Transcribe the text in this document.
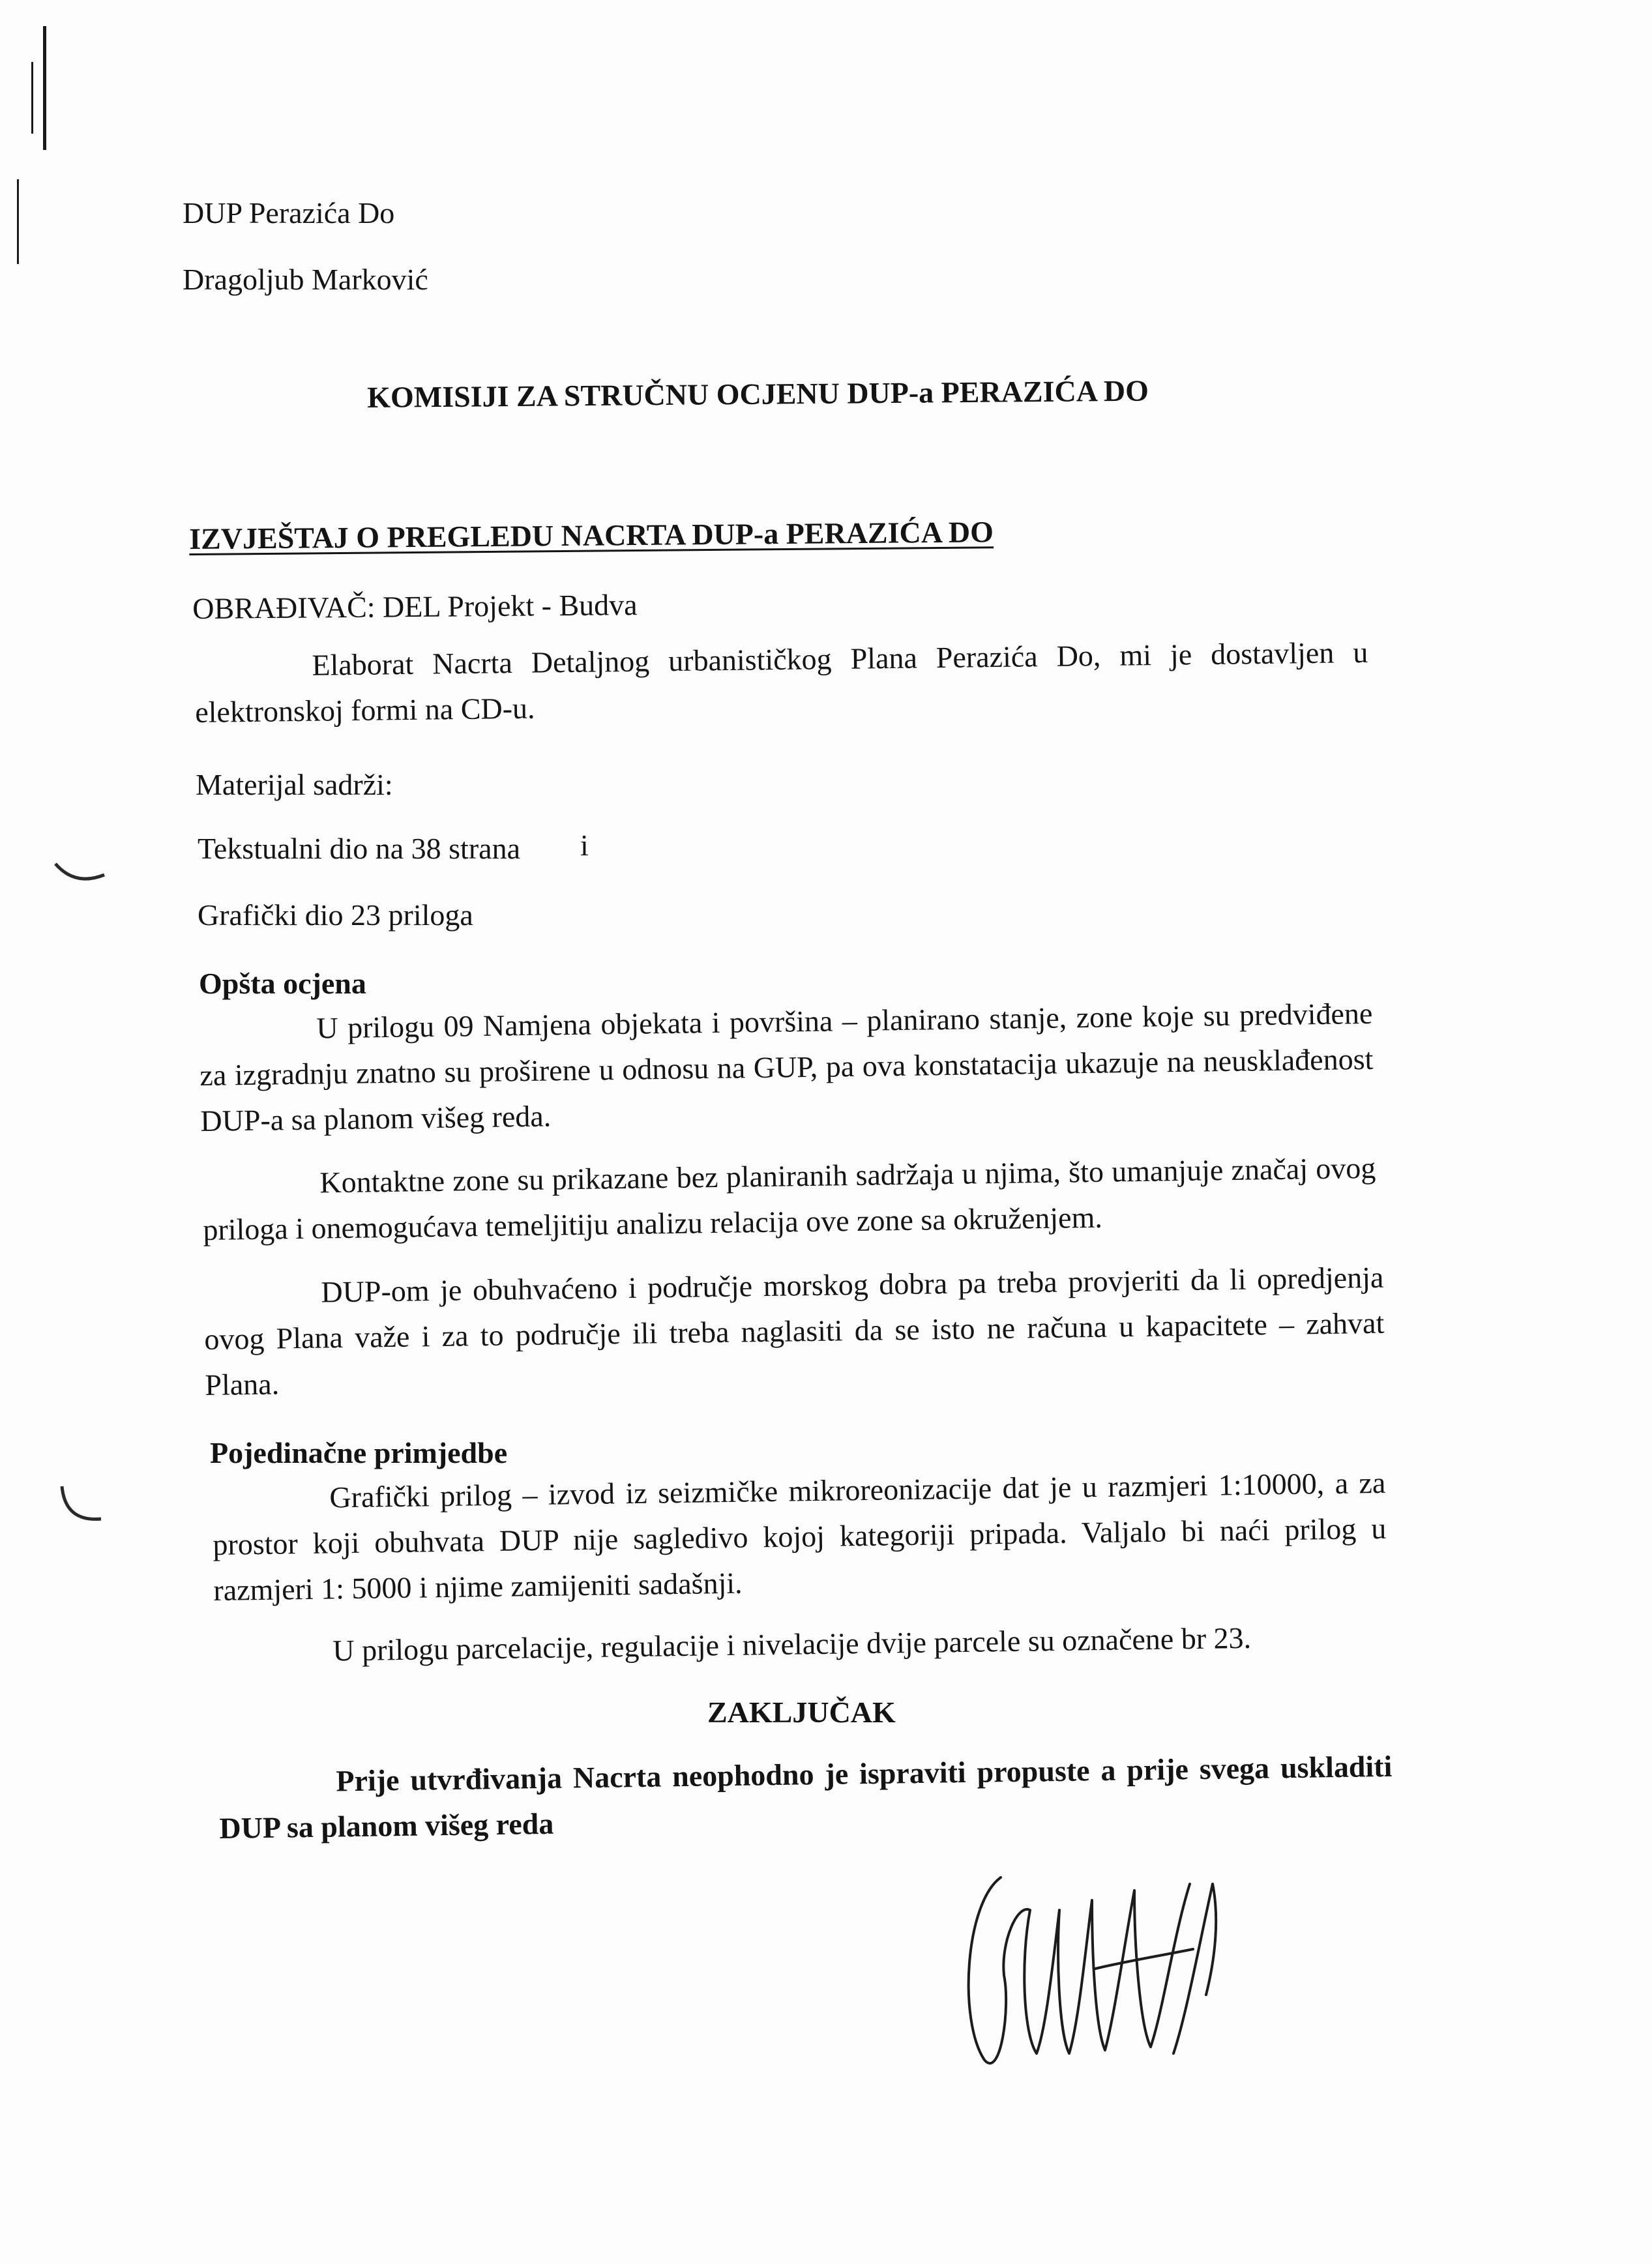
DUP Perazića Do
Dragoljub Marković
KOMISIJI ZA STRUČNU OCJENU DUP-a PERAZIĆA DO
IZVJEŠTAJ O PREGLEDU NACRTA DUP-a PERAZIĆA DO
OBRAĐIVAČ: DEL Projekt - Budva
Elaborat Nacrta Detaljnog urbanističkog Plana Perazića Do, mi je dostavljen u elektronskoj formi na CD-u.
Materijal sadrži:
Tekstualni dio na 38 strana i
Grafički dio 23 priloga
Opšta ocjena
U prilogu 09 Namjena objekata i površina – planirano stanje, zone koje su predviđene za izgradnju znatno su proširene u odnosu na GUP, pa ova konstatacija ukazuje na neusklađenost DUP-a sa planom višeg reda.
Kontaktne zone su prikazane bez planiranih sadržaja u njima, što umanjuje značaj ovog priloga i onemogućava temeljitiju analizu relacija ove zone sa okruženjem.
DUP-om je obuhvaćeno i područje morskog dobra pa treba provjeriti da li opredjenja ovog Plana važe i za to područje ili treba naglasiti da se isto ne računa u kapacitete – zahvat Plana.
Pojedinačne primjedbe
Grafički prilog – izvod iz seizmičke mikroreonizacije dat je u razmjeri 1:10000, a za prostor koji obuhvata DUP nije sagledivo kojoj kategoriji pripada. Valjalo bi naći prilog u razmjeri 1: 5000 i njime zamijeniti sadašnji.
U prilogu parcelacije, regulacije i nivelacije dvije parcele su označene br 23.
ZAKLJUČAK
Prije utvrđivanja Nacrta neophodno je ispraviti propuste a prije svega uskladiti DUP sa planom višeg reda
